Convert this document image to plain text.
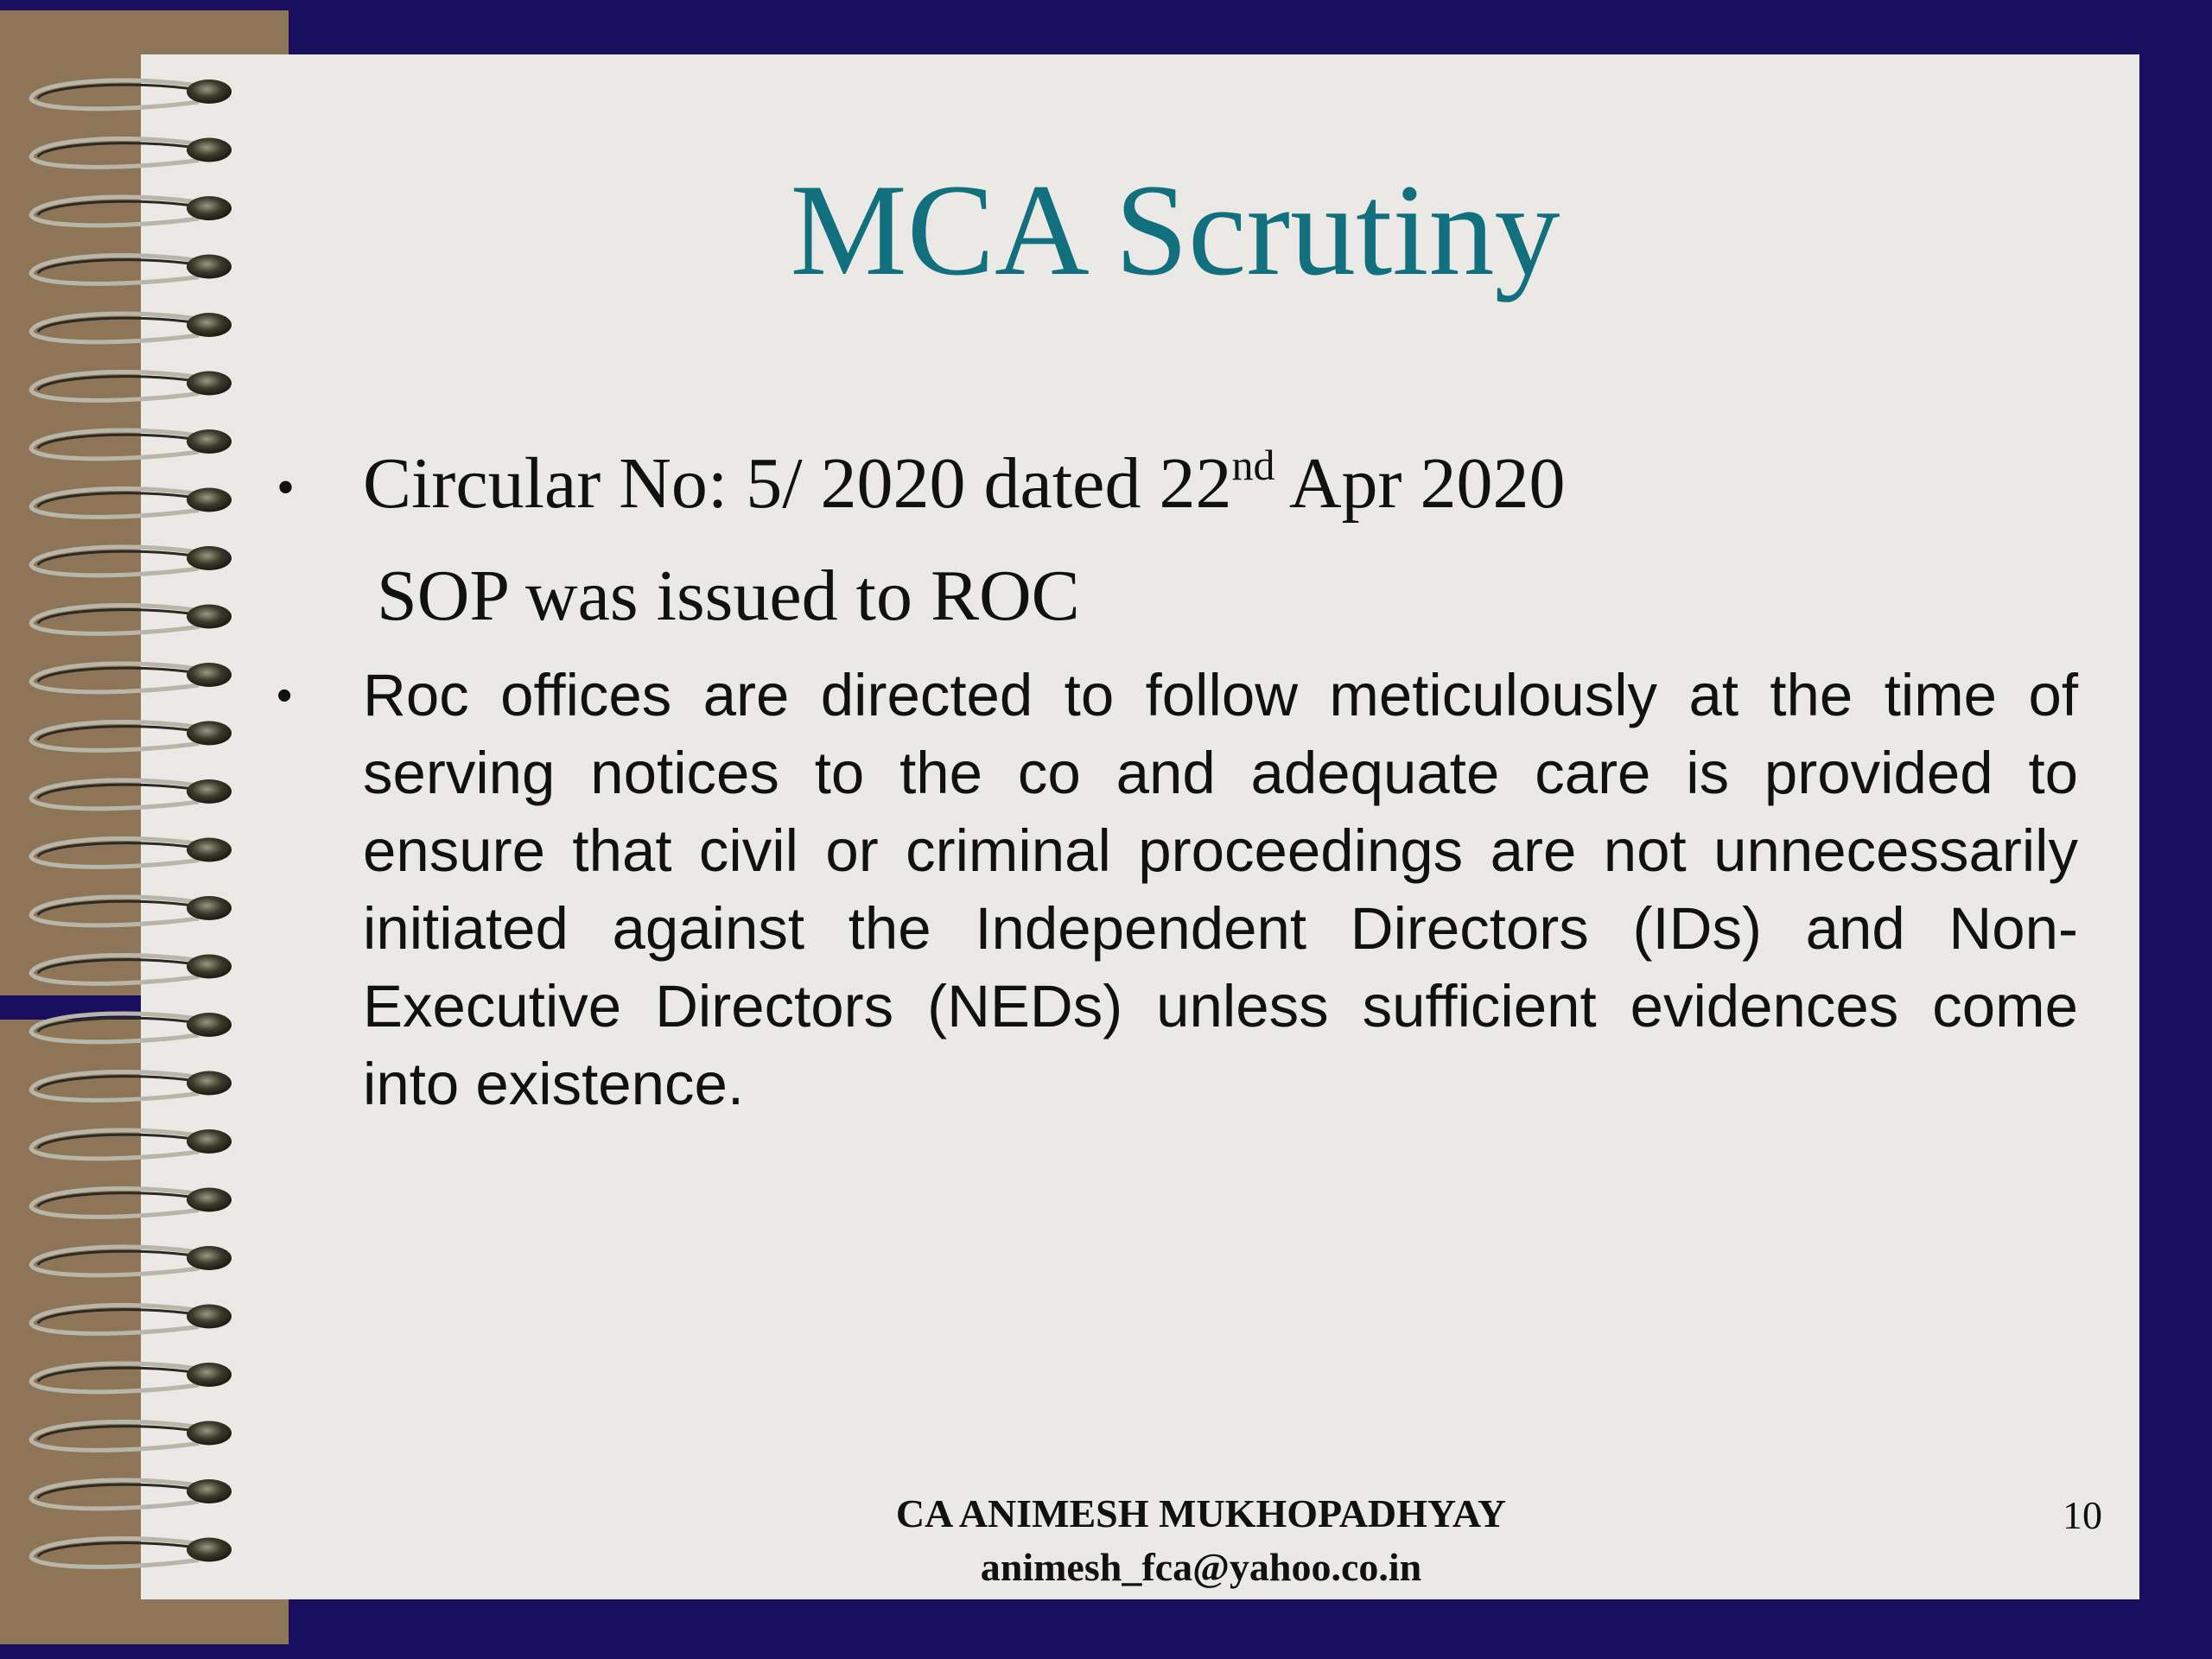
MCA Scrutiny
• Circular No: 5/ 2020 dated 22nd Apr 2020
SOP was issued to ROC
• Roc offices are directed to follow meticulously at the time of serving notices to the co and adequate care is provided to ensure that civil or criminal proceedings are not unnecessarily initiated against the Independent Directors (IDs) and Non-Executive Directors (NEDs) unless sufficient evidences come into existence.
CA ANIMESH MUKHOPADHYAY
animesh_fca@yahoo.co.in
10
